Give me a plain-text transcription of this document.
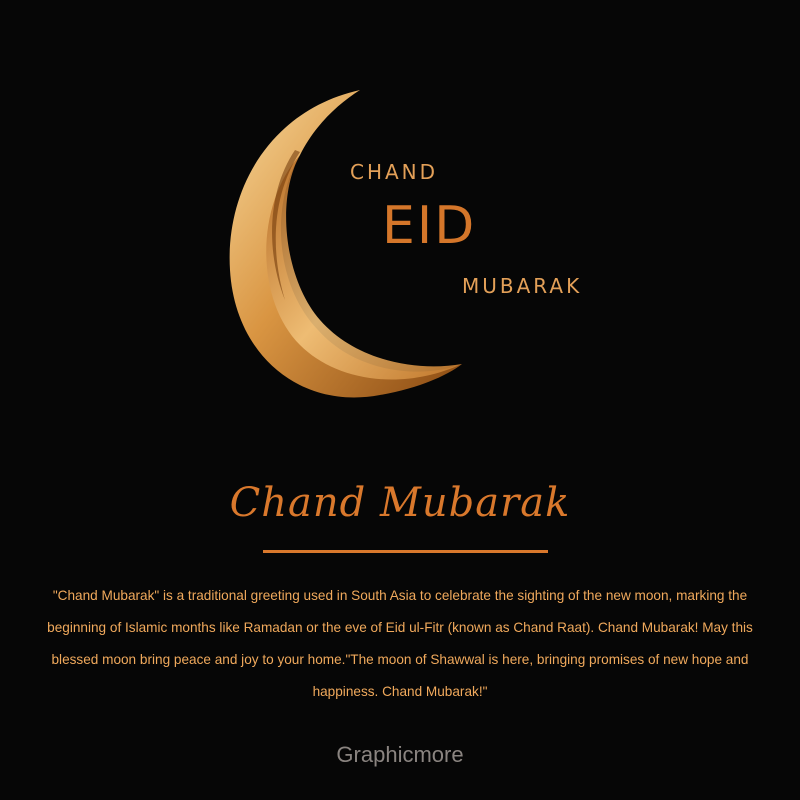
CHAND
EID
MUBARAK
Chand Mubarak
"Chand Mubarak" is a traditional greeting used in South Asia to celebrate the sighting of the new moon, marking the beginning of Islamic months like Ramadan or the eve of Eid ul-Fitr (known as Chand Raat). Chand Mubarak! May this blessed moon bring peace and joy to your home."The moon of Shawwal is here, bringing promises of new hope and happiness. Chand Mubarak!"
Graphicmore
